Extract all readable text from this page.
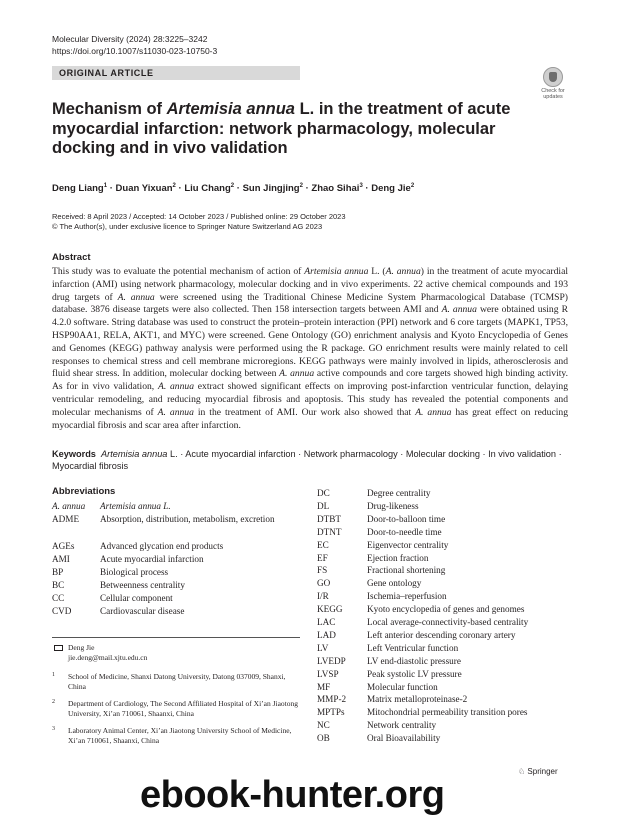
Molecular Diversity (2024) 28:3225–3242
https://doi.org/10.1007/s11030-023-10750-3
ORIGINAL ARTICLE
Check for
updates
Mechanism of Artemisia annua L. in the treatment of acute myocardial infarction: network pharmacology, molecular docking and in vivo validation
Deng Liang$^1$ · Duan Yixuan$^2$ · Liu Chang$^2$ · Sun Jingjing$^2$ · Zhao Sihai$^3$ · Deng Jie$^2$
Received: 8 April 2023 / Accepted: 14 October 2023 / Published online: 29 October 2023
© The Author(s), under exclusive licence to Springer Nature Switzerland AG 2023
Abstract
This study was to evaluate the potential mechanism of action of Artemisia annua L. (A. annua) in the treatment of acute myocardial infarction (AMI) using network pharmacology, molecular docking and in vivo experiments. 22 active chemical compounds and 193 drug targets of A. annua were screened using the Traditional Chinese Medicine System Pharmacological Database (TCMSP) database. 3876 disease targets were also collected. Then 158 intersection targets between AMI and A. annua were obtained using R 4.2.0 software. String database was used to construct the protein–protein interaction (PPI) network and 6 core targets (MAPK1, TP53, HSP90AA1, RELA, AKT1, and MYC) were screened. Gene Ontology (GO) enrichment analysis and Kyoto Encyclopedia of Genes and Genomes (KEGG) pathway analysis were performed using the R package. GO enrichment results were mainly related to cell responses to chemical stress and cell membrane microregions. KEGG pathways were mainly involved in lipids, atherosclerosis and fluid shear stress. In addition, molecular docking between A. annua active compounds and core targets showed high binding activity. As for in vivo validation, A. annua extract showed significant effects on improving post-infarction ventricular function, delaying ventricular remodeling, and reducing myocardial fibrosis and apoptosis. This study has revealed the potential components and molecular mechanisms of A. annua in the treatment of AMI. Our work also showed that A. annua has great effect on reducing myocardial fibrosis and scar area after infarction.
Keywords Artemisia annua L. · Acute myocardial infarction · Network pharmacology · Molecular docking · In vivo validation · Myocardial fibrosis
Abbreviations
A. annua Artemisia annua L.
ADME Absorption, distribution, metabolism, excretion
AGEs	Advanced glycation end products
AMI	Acute myocardial infarction
BP	Biological process
BC	Betweenness centrality
CC	Cellular component
CVD	Cardiovascular disease
DC	Degree centrality
DL	Drug-likeness
DTBT	Door-to-balloon time
DTNT	Door-to-needle time
EC	Eigenvector centrality
EF	Ejection fraction
FS	Fractional shortening
GO	Gene ontology
I/R	Ischemia–reperfusion
KEGG	Kyoto encyclopedia of genes and genomes
LAC	Local average-connectivity-based centrality
LAD	Left anterior descending coronary artery
LV	Left Ventricular function
LVEDP LV end-diastolic pressure
LVSP	Peak systolic LV pressure
MF	Molecular function
MMP-2 Matrix metalloproteinase-2
MPTPs Mitochondrial permeability transition pores
NC	Network centrality
OB	Oral Bioavailability
Deng Jie
jie.deng@mail.xjtu.edu.cn
1 School of Medicine, Shanxi Datong University, Datong 037009, Shanxi, China
2 Department of Cardiology, The Second Affiliated Hospital of Xi’an Jiaotong University, Xi’an 710061, Shaanxi, China
3 Laboratory Animal Center, Xi’an Jiaotong University School of Medicine, Xi’an 710061, Shaanxi, China
♘ Springer
ebook-hunter.org
